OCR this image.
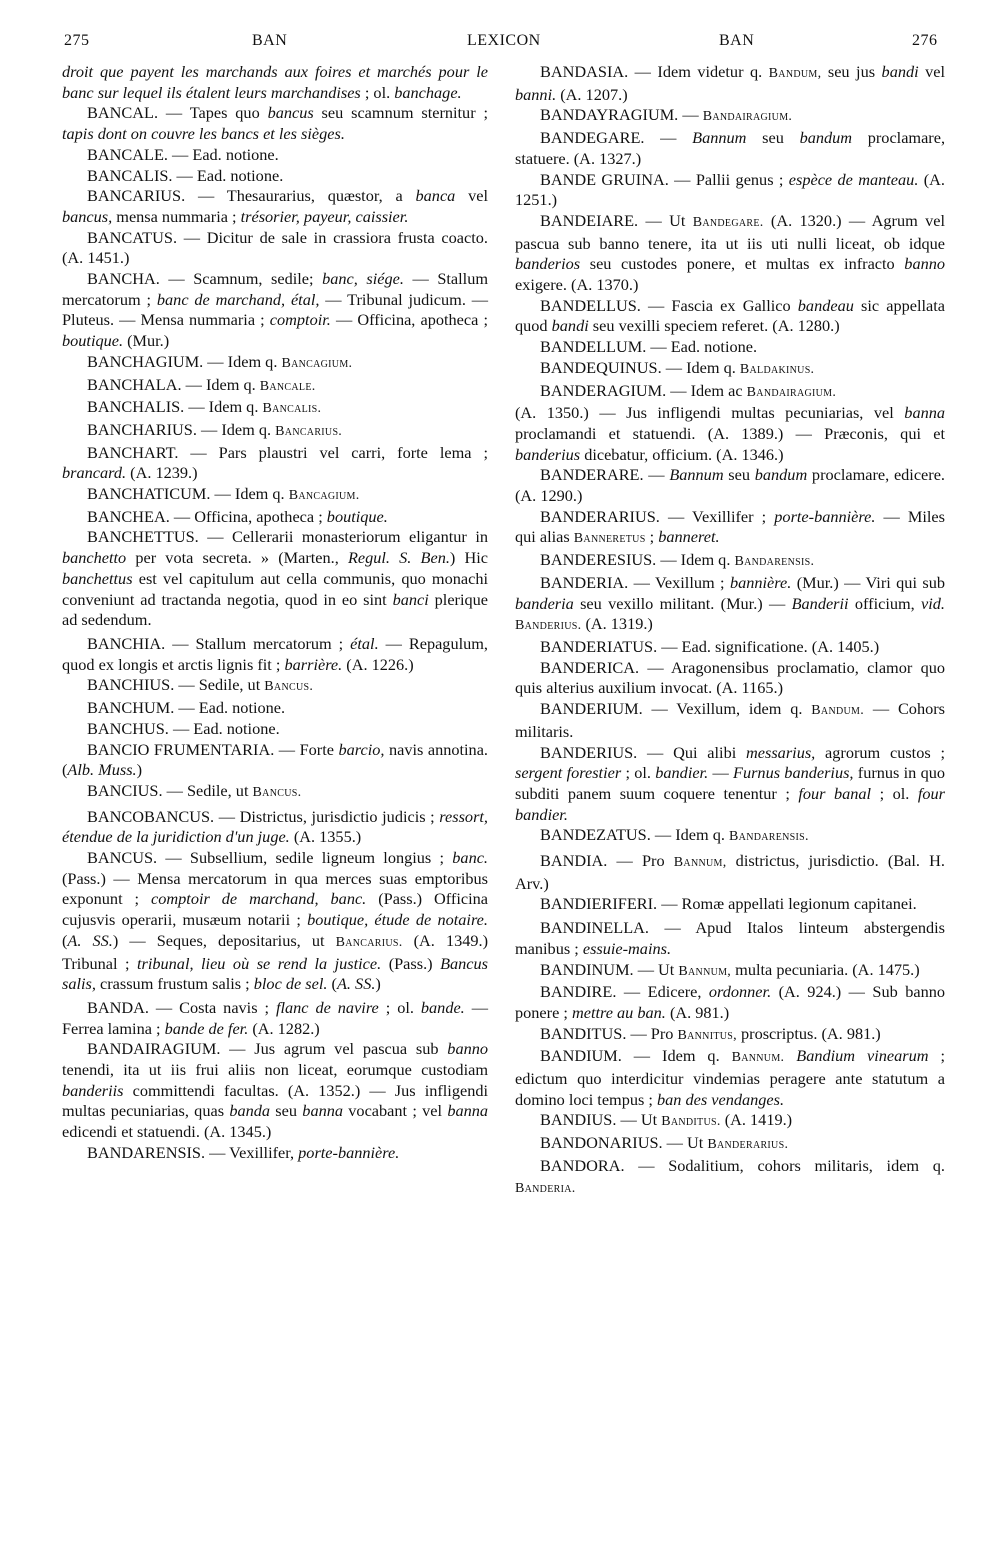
275	BAN	LEXICON	BAN	276

droit que payent les marchands aux foires et marchés pour le banc sur lequel ils étalent leurs marchandises ; ol. banchage.

BANCAL. — Tapes quo bancus seu scamnum sternitur ; tapis dont on couvre les bancs et les sièges.

BANCALE. — Ead. notione.

BANCALIS. — Ead. notione.

BANCARIUS. — Thesaurarius, quæstor, a banca vel bancus, mensa nummaria ; trésorier, payeur, caissier.

BANCATUS. — Dicitur de sale in crassiora frusta coacto. (A. 1451.)

BANCHA. — Scamnum, sedile; banc, siége. — Stallum mercatorum ; banc de marchand, étal, — Tribunal judicum. — Pluteus. — Mensa nummaria ; comptoir. — Officina, apotheca ; boutique. (Mur.)

BANCHAGIUM. — Idem q. Bancagium.

BANCHALA. — Idem q. Bancale.

BANCHALIS. — Idem q. Bancalis.

BANCHARIUS. — Idem q. Bancarius.

BANCHART. — Pars plaustri vel carri, forte lema ; brancard. (A. 1239.)

BANCHATICUM. — Idem q. Bancagium.

BANCHEA. — Officina, apotheca ; boutique.

BANCHETTUS. — Cellerarii monasteriorum eligantur in banchetto per vota secreta. » (Marten., Regul. S. Ben.) Hic banchettus est vel capitulum aut cella communis, quo monachi conveniunt ad tractanda negotia, quod in eo sint banci plerique ad sedendum.

BANCHIA. — Stallum mercatorum ; étal. — Repagulum, quod ex longis et arctis lignis fit ; barrière. (A. 1226.)

BANCHIUS. — Sedile, ut Bancus.

BANCHUM. — Ead. notione.

BANCHUS. — Ead. notione.

BANCIO FRUMENTARIA. — Forte barcio, navis annotina. (Alb. Muss.)

BANCIUS. — Sedile, ut Bancus.

BANCOBANCUS. — Districtus, jurisdictio judicis ; ressort, étendue de la juridiction d'un juge. (A. 1355.)

BANCUS. — Subsellium, sedile ligneum longius ; banc. (Pass.) — Mensa mercatorum in qua merces suas emptoribus exponunt ; comptoir de marchand, banc. (Pass.) Officina cujusvis operarii, musæum notarii ; boutique, étude de notaire. (A. SS.) — Seques, depositarius, ut Bancarius. (A. 1349.) Tribunal ; tribunal, lieu où se rend la justice. (Pass.) Bancus salis, crassum frustum salis ; bloc de sel. (A. SS.)

BANDA. — Costa navis ; flanc de navire ; ol. bande. — Ferrea lamina ; bande de fer. (A. 1282.)

BANDAIRAGIUM. — Jus agrum vel pascua sub banno tenendi, ita ut iis frui aliis non liceat, eorumque custodiam banderiis committendi facultas. (A. 1352.) — Jus infligendi multas pecuniarias, quas banda seu banna vocabant ; vel banna edicendi et statuendi. (A. 1345.)

BANDARENSIS. — Vexillifer, porte-bannière.

BANDASIA. — Idem videtur q. Bandum, seu jus bandi vel banni. (A. 1207.)

BANDAYRAGIUM. — Bandairagium.

BANDEGARE. — Bannum seu bandum proclamare, statuere. (A. 1327.)

BANDE GRUINA. — Pallii genus ; espèce de manteau. (A. 1251.)

BANDEIARE. — Ut Bandegare. (A. 1320.) — Agrum vel pascua sub banno tenere, ita ut iis uti nulli liceat, ob idque banderios seu custodes ponere, et multas ex infracto banno exigere. (A. 1370.)

BANDELLUS. — Fascia ex Gallico bandeau sic appellata quod bandi seu vexilli speciem referet. (A. 1280.)

BANDELLUM. — Ead. notione.

BANDEQUINUS. — Idem q. Baldakinus.

BANDERAGIUM. — Idem ac Bandairagium.

(A. 1350.) — Jus infligendi multas pecuniarias, vel banna proclamandi et statuendi. (A. 1389.) — Præconis, qui et banderius dicebatur, officium. (A. 1346.)

BANDERARE. — Bannum seu bandum proclamare, edicere. (A. 1290.)

BANDERARIUS. — Vexillifer ; porte-bannière. — Miles qui alias Banneretus ; banneret.

BANDERESIUS. — Idem q. Bandarensis.

BANDERIA. — Vexillum ; bannière. (Mur.) — Viri qui sub banderia seu vexillo militant. (Mur.) — Banderii officium, vid. Banderius. (A. 1319.)

BANDERIATUS. — Ead. significatione. (A. 1405.)

BANDERICA. — Aragonensibus proclamatio, clamor quo quis alterius auxilium invocat. (A. 1165.)

BANDERIUM. — Vexillum, idem q. Bandum. — Cohors militaris.

BANDERIUS. — Qui alibi messarius, agrorum custos ; sergent forestier ; ol. bandier. — Furnus banderius, furnus in quo subditi panem suum coquere tenentur ; four banal ; ol. four bandier.

BANDEZATUS. — Idem q. Bandarensis.

BANDIA. — Pro Bannum, districtus, jurisdictio. (Bal. H. Arv.)

BANDIERIFERI. — Romæ appellati legionum capitanei.

BANDINELLA. — Apud Italos linteum abstergendis manibus ; essuie-mains.

BANDINUM. — Ut Bannum, multa pecuniaria. (A. 1475.)

BANDIRE. — Edicere, ordonner. (A. 924.) — Sub banno ponere ; mettre au ban. (A. 981.)

BANDITUS. — Pro Bannitus, proscriptus. (A. 981.)

BANDIUM. — Idem q. Bannum. Bandium vinearum ; edictum quo interdicitur vindemias peragere ante statutum a domino loci tempus ; ban des vendanges.

BANDIUS. — Ut Banditus. (A. 1419.)

BANDONARIUS. — Ut Banderarius.

BANDORA. — Sodalitium, cohors militaris, idem q. Banderia.
